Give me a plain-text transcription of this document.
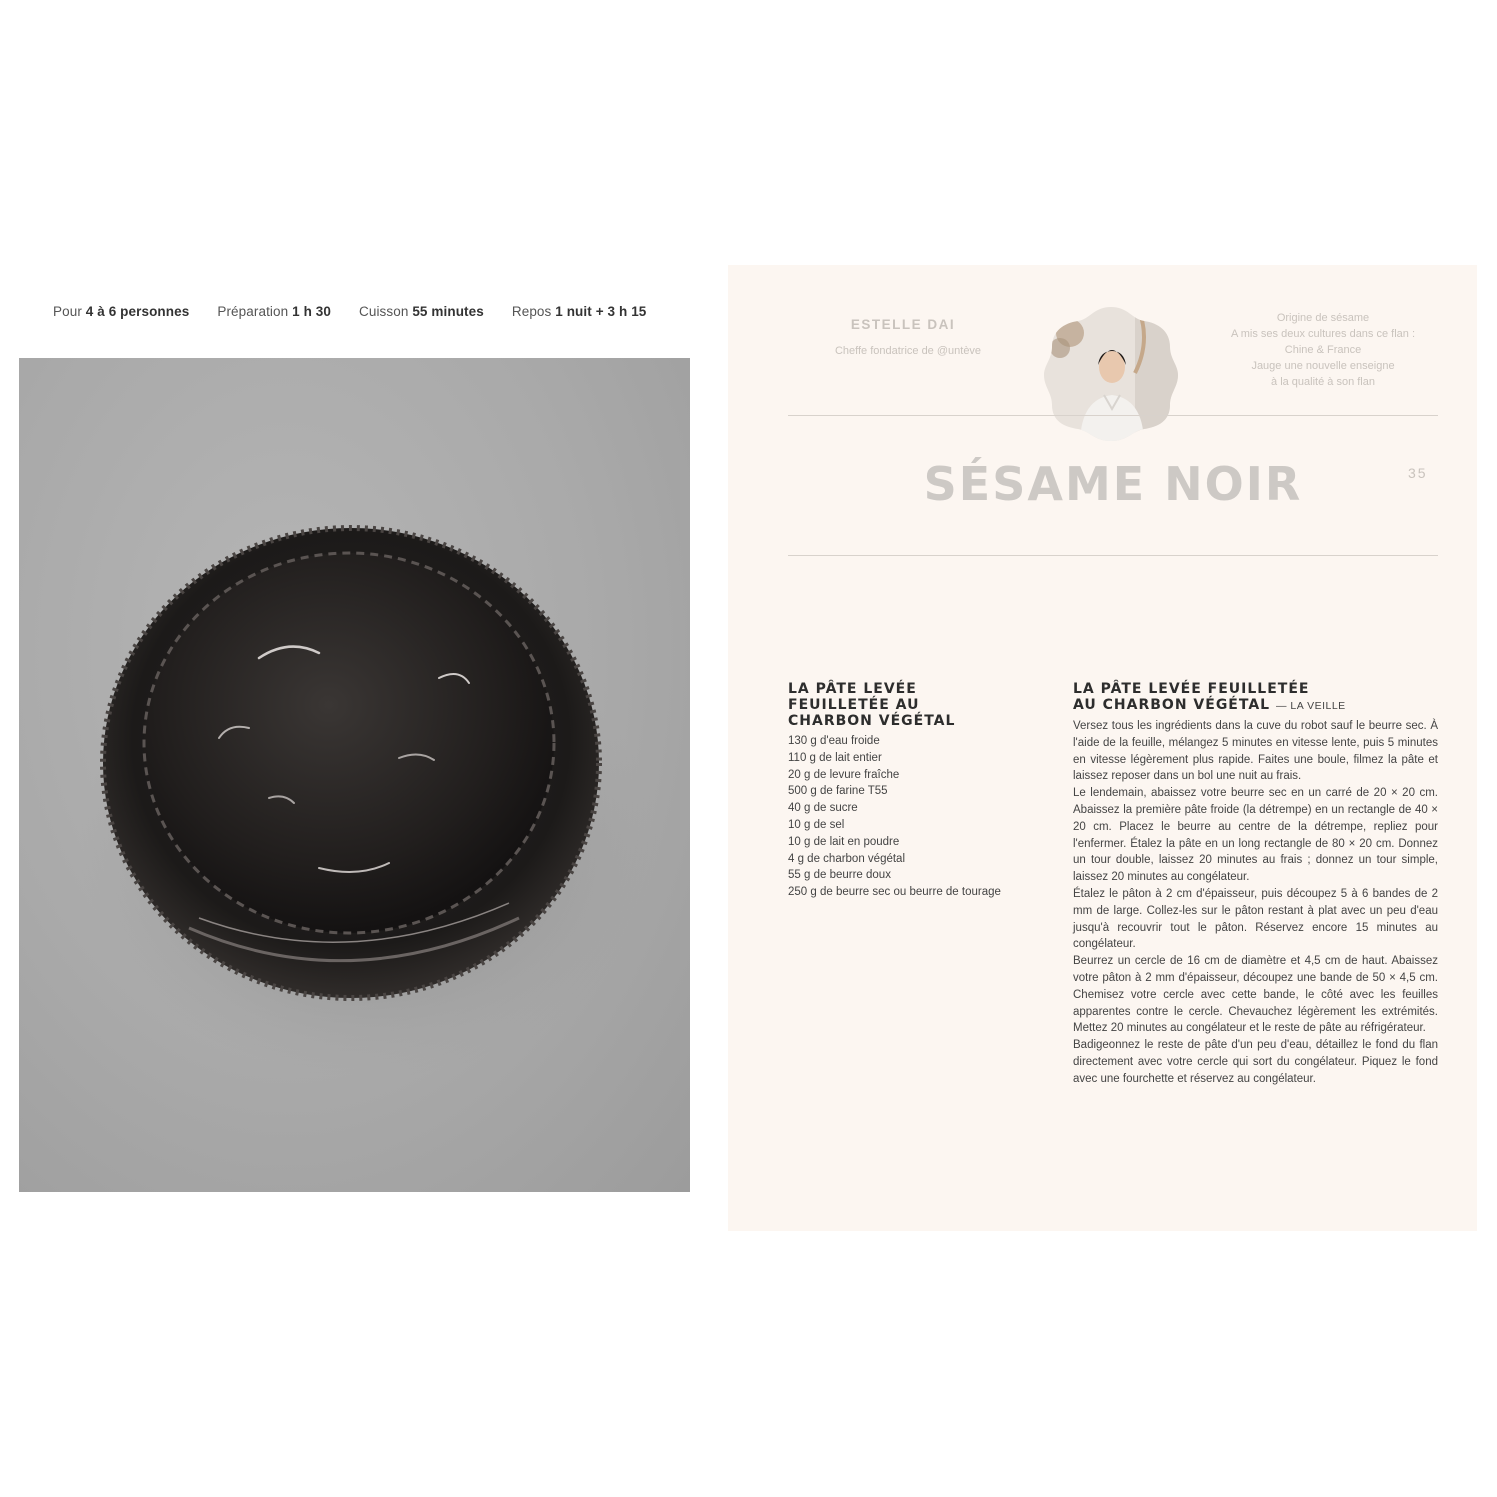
Pour 4 à 6 personnes Préparation 1 h 30 Cuisson 55 minutes Repos 1 nuit + 3 h 15
ESTELLE DAI
Cheffe fondatrice de @untève
Origine de sésame
A mis ses deux cultures dans ce flan :
Chine & France
Jauge une nouvelle enseigne
à la qualité à son flan
SÉSAME NOIR	35
LA PÂTE LEVÉE
FEUILLETÉE AU
CHARBON VÉGÉTAL
130 g d'eau froide
110 g de lait entier
20 g de levure fraîche
500 g de farine T55
40 g de sucre
10 g de sel
10 g de lait en poudre
4 g de charbon végétal
55 g de beurre doux
250 g de beurre sec ou beurre de tourage
LA PÂTE LEVÉE FEUILLETÉE
AU CHARBON VÉGÉTAL — LA VEILLE

Versez tous les ingrédients dans la cuve du robot sauf le beurre sec. À l'aide de la feuille, mélangez 5 minutes en vitesse lente, puis 5 minutes en vitesse légèrement plus rapide. Faites une boule, filmez la pâte et laissez reposer dans un bol une nuit au frais.

Le lendemain, abaissez votre beurre sec en un carré de 20 × 20 cm. Abaissez la première pâte froide (la détrempe) en un rectangle de 40 × 20 cm. Placez le beurre au centre de la détrempe, repliez pour l'enfermer. Étalez la pâte en un long rectangle de 80 × 20 cm. Donnez un tour double, laissez 20 minutes au frais ; donnez un tour simple, laissez 20 minutes au congélateur.

Étalez le pâton à 2 cm d'épaisseur, puis découpez 5 à 6 bandes de 2 mm de large. Collez-les sur le pâton restant à plat avec un peu d'eau jusqu'à recouvrir tout le pâton. Réservez encore 15 minutes au congélateur.

Beurrez un cercle de 16 cm de diamètre et 4,5 cm de haut. Abaissez votre pâton à 2 mm d'épaisseur, découpez une bande de 50 × 4,5 cm. Chemisez votre cercle avec cette bande, le côté avec les feuilles apparentes contre le cercle. Chevauchez légèrement les extrémités. Mettez 20 minutes au congélateur et le reste de pâte au réfrigérateur.

Badigeonnez le reste de pâte d'un peu d'eau, détaillez le fond du flan directement avec votre cercle qui sort du congélateur. Piquez le fond avec une fourchette et réservez au congélateur.
